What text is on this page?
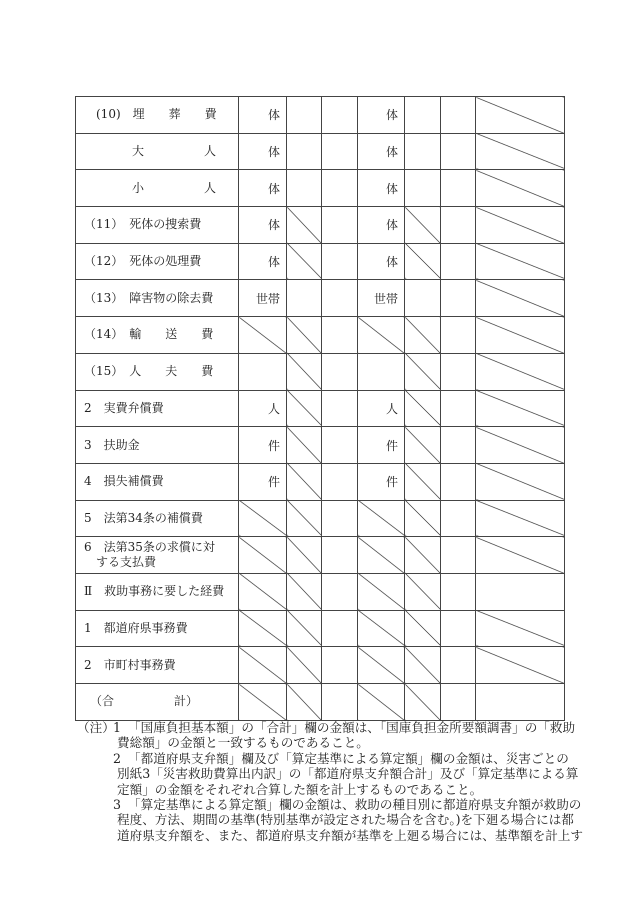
　(10)　埋　　葬　　費	体			体			
　　　　大　　　　　人	体			体			
　　　　小　　　　　人	体			体			
（11）　死体の捜索費	体			体			
（12）　死体の処理費	体			体			
（13）　障害物の除去費	世帯			世帯			
（14）　輸　　送　　費							
（15）　人　　夫　　費							
2　実費弁償費	人			人			
3　扶助金	件			件			
4　損失補償費	件			件			
5　法第34条の補償費							
6　法第35条の求償に対
　する支払費							
Ⅱ　救助事務に要した経費							
1　都道府県事務費							
2　市町村事務費							
　（合　　　　　計）							
（注）
1 「国庫負担基本額」の「合計」欄の金額は、「国庫負担金所要額調書」の「救助
費総額」の金額と一致するものであること。
2 「都道府県支弁額」欄及び「算定基準による算定額」欄の金額は、災害ごとの
別紙3「災害救助費算出内訳」の「都道府県支弁額合計」及び「算定基準による算
定額」の金額をそれぞれ合算した額を計上するものであること。
3 「算定基準による算定額」欄の金額は、救助の種目別に都道府県支弁額が救助の
程度、方法、期間の基準(特別基準が設定された場合を含む。)を下廻る場合には都
道府県支弁額を、また、都道府県支弁額が基準を上廻る場合には、基準額を計上す
